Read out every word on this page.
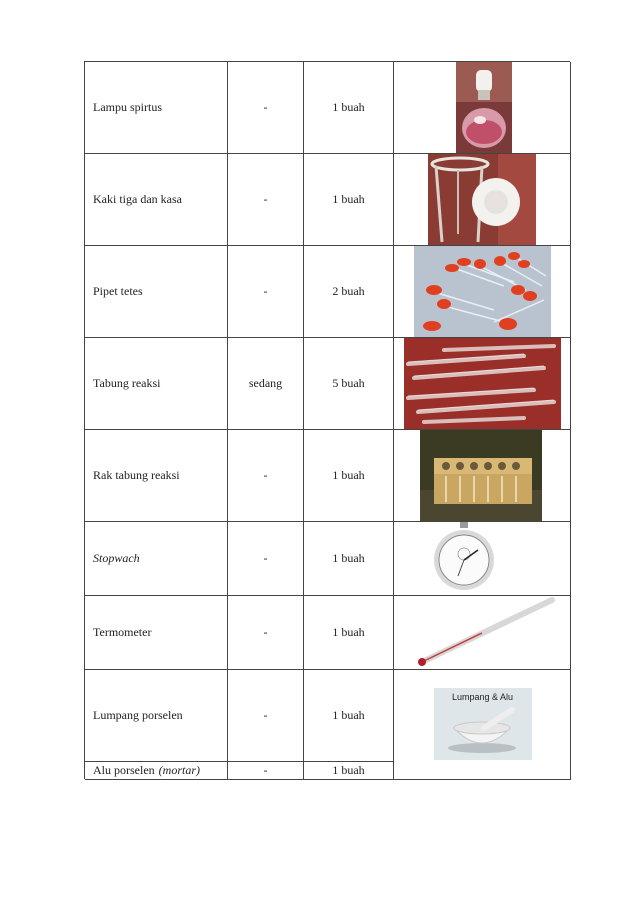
Lampu spirtus	-	1 buah
Kaki tiga dan kasa	-	1 buah
Pipet tetes	-	2 buah
Tabung reaksi	sedang	5 buah
Rak tabung reaksi	-	1 buah
Stopwach	-	1 buah
Termometer	-	1 buah
Lumpang porselen	-	1 buah
Lumpang & Alu
Alu porselen (mortar)	-	1 buah
